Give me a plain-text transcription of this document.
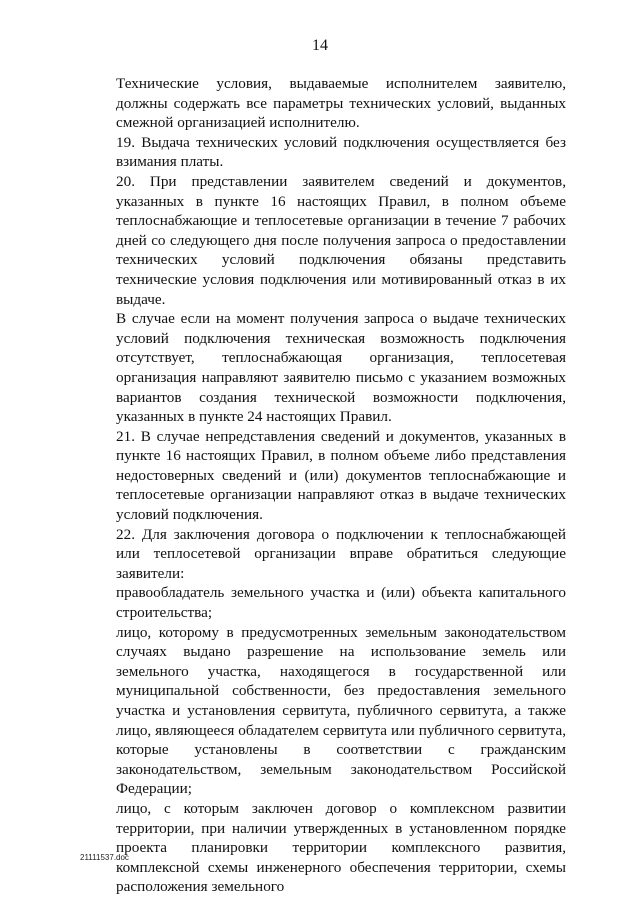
14

Технические условия, выдаваемые исполнителем заявителю, должны содержать все параметры технических условий, выданных смежной организацией исполнителю.

19. Выдача технических условий подключения осуществляется без взимания платы.

20. При представлении заявителем сведений и документов, указанных в пункте 16 настоящих Правил, в полном объеме теплоснабжающие и теплосетевые организации в течение 7 рабочих дней со следующего дня после получения запроса о предоставлении технических условий подключения обязаны представить технические условия подключения или мотивированный отказ в их выдаче.

В случае если на момент получения запроса о выдаче технических условий подключения техническая возможность подключения отсутствует, теплоснабжающая организация, теплосетевая организация направляют заявителю письмо с указанием возможных вариантов создания технической возможности подключения, указанных в пункте 24 настоящих Правил.

21. В случае непредставления сведений и документов, указанных в пункте 16 настоящих Правил, в полном объеме либо представления недостоверных сведений и (или) документов теплоснабжающие и теплосетевые организации направляют отказ в выдаче технических условий подключения.

22. Для заключения договора о подключении к теплоснабжающей или теплосетевой организации вправе обратиться следующие заявители:

правообладатель земельного участка и (или) объекта капитального строительства;

лицо, которому в предусмотренных земельным законодательством случаях выдано разрешение на использование земель или земельного участка, находящегося в государственной или муниципальной собственности, без предоставления земельного участка и установления сервитута, публичного сервитута, а также лицо, являющееся обладателем сервитута или публичного сервитута, которые установлены в соответствии с гражданским законодательством, земельным законодательством Российской Федерации;

лицо, с которым заключен договор о комплексном развитии территории, при наличии утвержденных в установленном порядке проекта планировки территории комплексного развития, комплексной схемы инженерного обеспечения территории, схемы расположения земельного

21111537.doc
